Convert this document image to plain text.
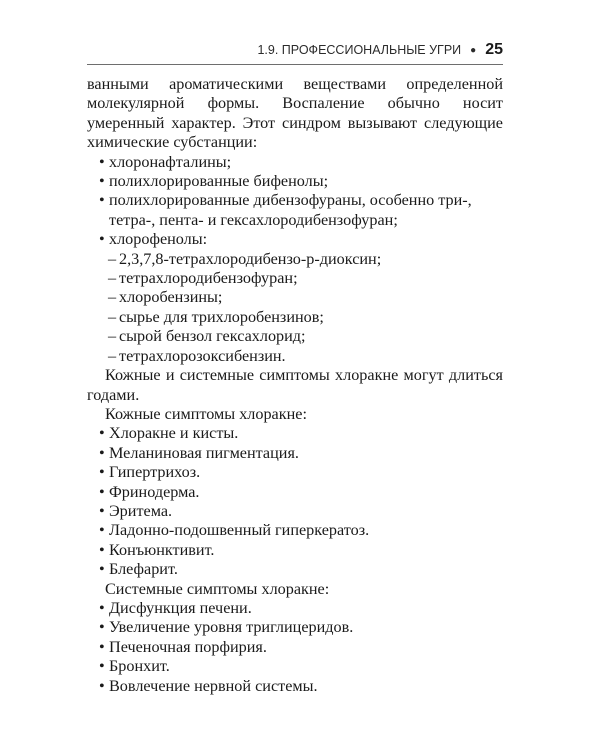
1.9. ПРОФЕССИОНАЛЬНЫЕ УГРИ ● 25

ванными ароматическими веществами определенной молекулярной формы. Воспаление обычно носит умеренный характер. Этот синдром вызывают следующие химические субстанции:

• хлоронафталины;
• полихлорированные бифенолы;
• полихлорированные дибензофураны, особенно три-, тетра-, пента- и гексахлородибензофуран;
• хлорофенолы:
– 2,3,7,8-тетрахлородибензо-р-диоксин;
– тетрахлородибензофуран;
– хлоробензины;
– сырье для трихлоробензинов;
– сырой бензол гексахлорид;
– тетрахлорозоксибензин.

Кожные и системные симптомы хлоракне могут длиться годами.

Кожные симптомы хлоракне:

• Хлоракне и кисты.
• Меланиновая пигментация.
• Гипертрихоз.
• Фринодерма.
• Эритема.
• Ладонно-подошвенный гиперкератоз.
• Конъюнктивит.
• Блефарит.

Системные симптомы хлоракне:

• Дисфункция печени.
• Увеличение уровня триглицеридов.
• Печеночная порфирия.
• Бронхит.
• Вовлечение нервной системы.
